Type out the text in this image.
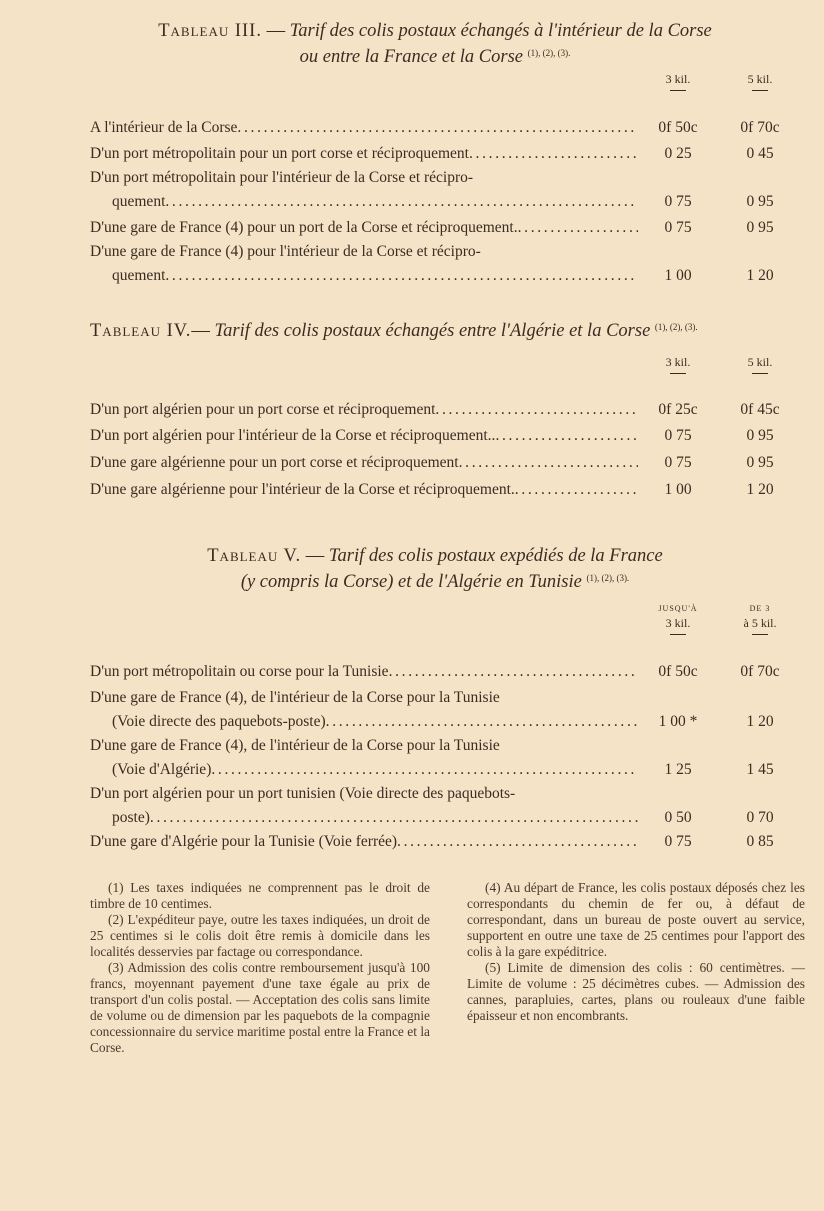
Tableau III. — Tarif des colis postaux échangés à l'intérieur de la Corse
ou entre la France et la Corse $^{(1), (2), (3).}$
3 kil.	5 kil.
A l'intérieur de la Corse . . .	0f 50c	0f 70c
D'un port métropolitain pour un port corse et réciproquement . . .	0 25	0 45
D'un port métropolitain pour l'intérieur de la Corse et récipro-
quement . . .	0 75	0 95
D'une gare de France (4) pour un port de la Corse et réciproquement. . . .	0 75	0 95
D'une gare de France (4) pour l'intérieur de la Corse et récipro-
quement . . .	1 00	1 20
Tableau IV.— Tarif des colis postaux échangés entre l'Algérie et la Corse $^{(1), (2), (3).}$
3 kil.	5 kil.
D'un port algérien pour un port corse et réciproquement . . .	0f 25c	0f 45c
D'un port algérien pour l'intérieur de la Corse et réciproquement.. . . .	0 75	0 95
D'une gare algérienne pour un port corse et réciproquement . . .	0 75	0 95
D'une gare algérienne pour l'intérieur de la Corse et réciproquement. . . .	1 00	1 20
Tableau V. — Tarif des colis postaux expédiés de la France
(y compris la Corse) et de l'Algérie en Tunisie $^{(1), (2), (3).}$
JUSQU'À
3 kil.
DE 3
à 5 kil.
D'un port métropolitain ou corse pour la Tunisie . . .	0f 50c	0f 70c
D'une gare de France (4), de l'intérieur de la Corse pour la Tunisie
(Voie directe des paquebots-poste) . . .	1 00 *	1 20
D'une gare de France (4), de l'intérieur de la Corse pour la Tunisie
(Voie d'Algérie) . . .	1 25	1 45
D'un port algérien pour un port tunisien (Voie directe des paquebots-
poste) . . .	0 50	0 70
D'une gare d'Algérie pour la Tunisie (Voie ferrée) . . .	0 75	0 85

(1) Les taxes indiquées ne comprennent pas le droit de timbre de 10 centimes.

(2) L'expéditeur paye, outre les taxes indiquées, un droit de 25 centimes si le colis doit être remis à domicile dans les localités desservies par factage ou correspondance.

(3) Admission des colis contre remboursement jusqu'à 100 francs, moyennant payement d'une taxe égale au prix de transport d'un colis postal. — Acceptation des colis sans limite de volume ou de dimension par les paquebots de la compagnie concessionnaire du service maritime postal entre la France et la Corse.

(4) Au départ de France, les colis postaux déposés chez les correspondants du chemin de fer ou, à défaut de correspondant, dans un bureau de poste ouvert au service, supportent en outre une taxe de 25 centimes pour l'apport des colis à la gare expéditrice.

(5) Limite de dimension des colis : 60 centimètres. — Limite de volume : 25 décimètres cubes. — Admission des cannes, parapluies, cartes, plans ou rouleaux d'une faible épaisseur et non encombrants.
